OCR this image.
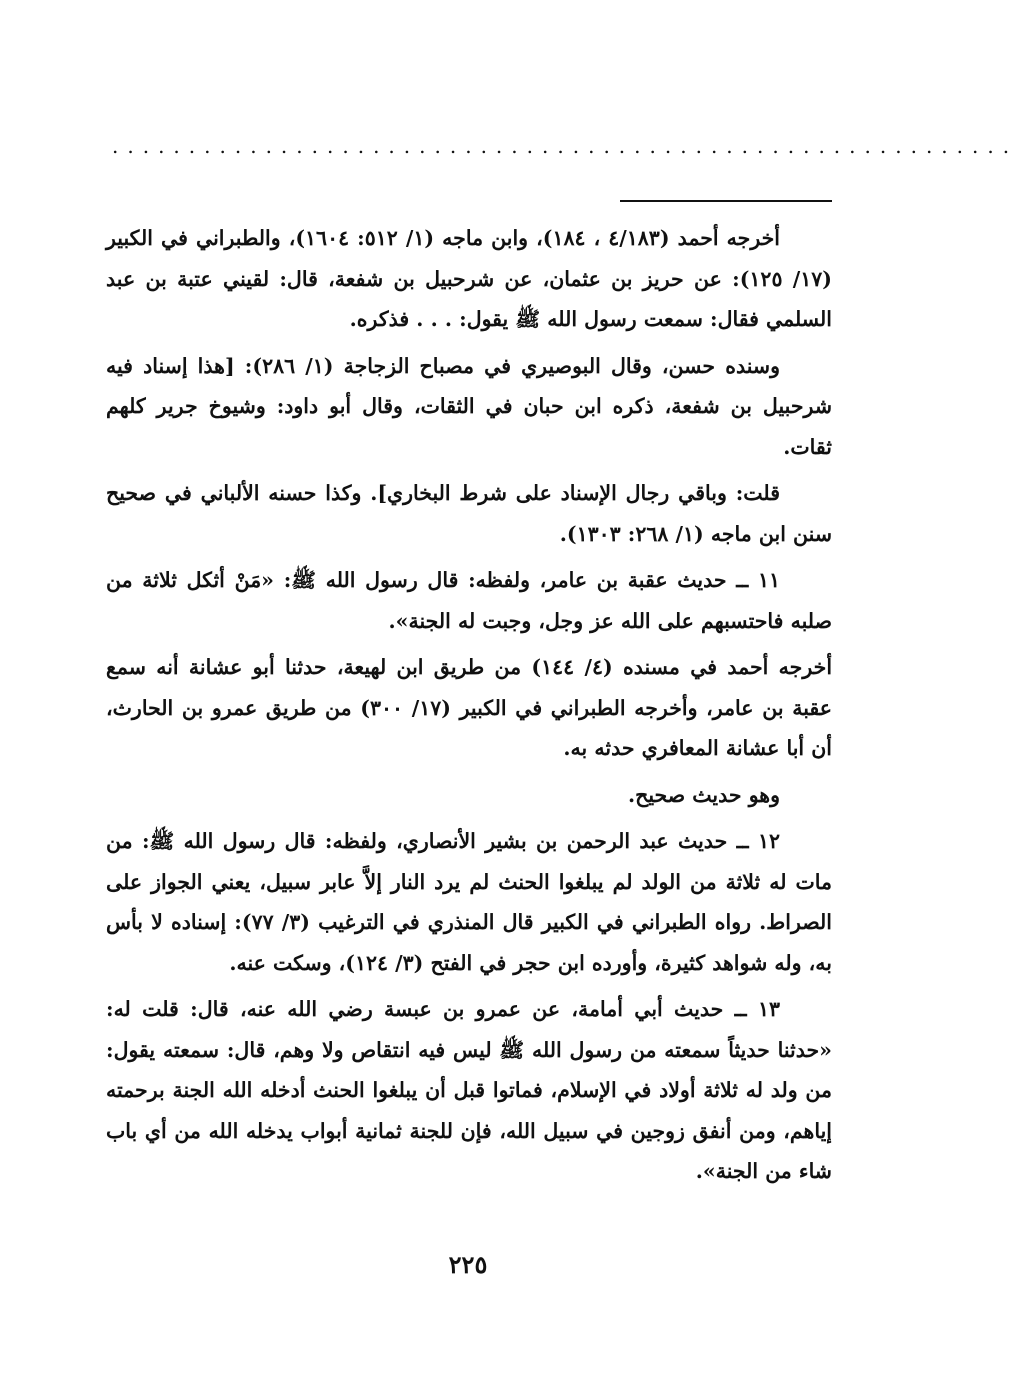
...........................................................

أخرجه أحمد (٤/١٨٣ ، ١٨٤)، وابن ماجه (١/ ٥١٢: ١٦٠٤)، والطبراني في الكبير (١٧/ ١٢٥): عن حريز بن عثمان، عن شرحبيل بن شفعة، قال: لقيني عتبة بن عبد السلمي فقال: سمعت رسول الله ﷺ يقول: . . . فذكره.

وسنده حسن، وقال البوصيري في مصباح الزجاجة (١/ ٢٨٦): [هذا إسناد فيه شرحبيل بن شفعة، ذكره ابن حبان في الثقات، وقال أبو داود: وشيوخ جرير كلهم ثقات.

قلت: وباقي رجال الإسناد على شرط البخاري]. وكذا حسنه الألباني في صحيح سنن ابن ماجه (١/ ٢٦٨: ١٣٠٣).

١١ ــ حديث عقبة بن عامر، ولفظه: قال رسول الله ﷺ: «مَنْ أثكل ثلاثة من صلبه فاحتسبهم على الله عز وجل، وجبت له الجنة».

أخرجه أحمد في مسنده (٤/ ١٤٤) من طريق ابن لهيعة، حدثنا أبو عشانة أنه سمع عقبة بن عامر، وأخرجه الطبراني في الكبير (١٧/ ٣٠٠) من طريق عمرو بن الحارث، أن أبا عشانة المعافري حدثه به.

وهو حديث صحيح.

١٢ ــ حديث عبد الرحمن بن بشير الأنصاري، ولفظه: قال رسول الله ﷺ: من مات له ثلاثة من الولد لم يبلغوا الحنث لم يرد النار إلاَّ عابر سبيل، يعني الجواز على الصراط. رواه الطبراني في الكبير قال المنذري في الترغيب (٣/ ٧٧): إسناده لا بأس به، وله شواهد كثيرة، وأورده ابن حجر في الفتح (٣/ ١٢٤)، وسكت عنه.

١٣ ــ حديث أبي أمامة، عن عمرو بن عبسة رضي الله عنه، قال: قلت له: «حدثنا حديثاً سمعته من رسول الله ﷺ ليس فيه انتقاص ولا وهم، قال: سمعته يقول: من ولد له ثلاثة أولاد في الإسلام، فماتوا قبل أن يبلغوا الحنث أدخله الله الجنة برحمته إياهم، ومن أنفق زوجين في سبيل الله، فإن للجنة ثمانية أبواب يدخله الله من أي باب شاء من الجنة».

٢٢٥
